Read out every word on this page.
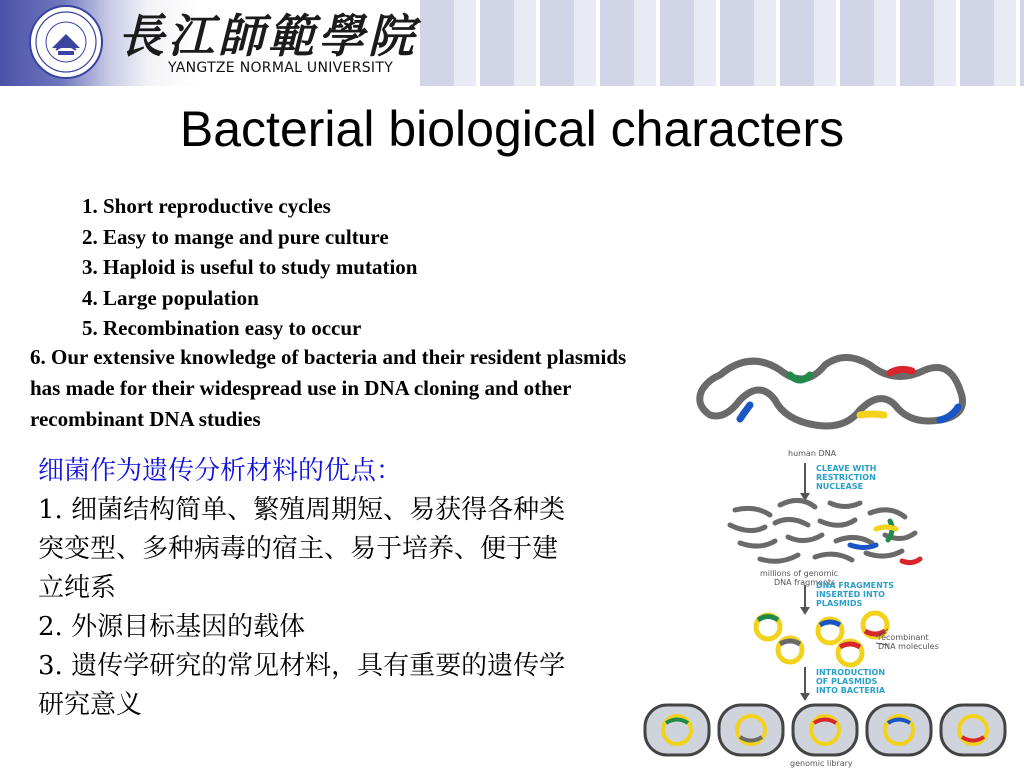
長江師範學院
YANGTZE NORMAL UNIVERSITY
Bacterial biological characters
1. Short reproductive cycles
2. Easy to mange and pure culture
3. Haploid is useful to study mutation
4. Large population
5. Recombination easy to occur
6. Our extensive knowledge of bacteria and their resident plasmids has made for their widespread use in DNA cloning and other recombinant DNA studies
细菌作为遗传分析材料的优点：
1. 细菌结构简单、繁殖周期短、易获得各种类突变型、多种病毒的宿主、易于培养、便于建立纯系
2. 外源目标基因的载体
3. 遗传学研究的常见材料，具有重要的遗传学研究意义
human DNA
CLEAVE WITH
RESTRICTION
NUCLEASE
millions of genomic
DNA fragments
DNA FRAGMENTS
INSERTED INTO
PLASMIDS
recombinant
DNA molecules
INTRODUCTION
OF PLASMIDS
INTO BACTERIA
genomic library
